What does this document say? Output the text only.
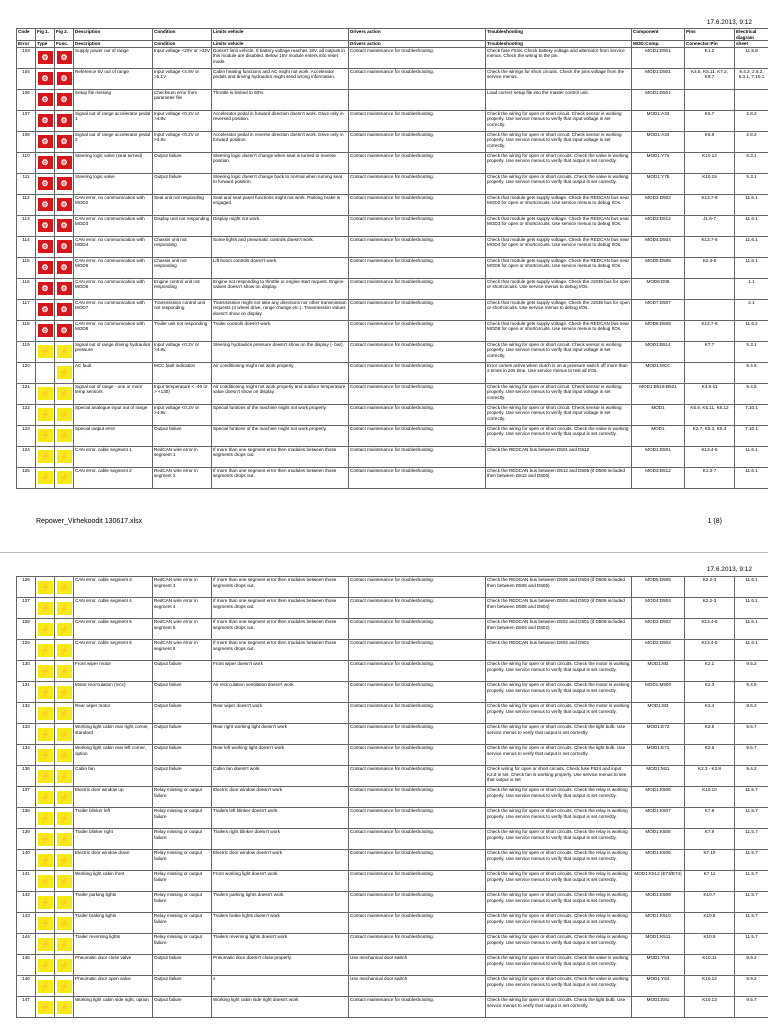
17.6.2013, 9:12
Code	Fig 1.	Fig 2.	Description	Condition	Limits vehicle	Drivers action	Troubleshooting	Component	Pins	Electrical diagram
Error	Type	Func.	Description	Condition	Limits vehicle	Drivers action	Troubleshooting	MOD:Comp.	Connector:Pin	sheet
103	⚙	⚙	Supply power out of range	Input voltage <20V or >32V	Doesn't limit vehicle. If battery voltage reaches 18V, all outputs in this module are disabled. Below 16V module enters into reset mode.	Contact maintenance for troubleshooting.	Check fuse F518. Check battery voltage and alternator from service menus. Check the wiring to the pin.	MOD1:D501	K1.2	11.5.9
104	⚙	⚙	Reference 5V out of range	Input voltage <4.9V or >5.1V	Cabin heating functions and AC might not work. Accelerator pedals and driving hydraulics might send wrong information.	Contact maintenance for troubleshooting.	Check the wirings for short circuits. Check the pins voltage from the service menus.	MOD1:D501	K4.5, K5.11, K7.2, K9.7	9.4.2, 2.8.2, 5.3.1, 7.10.1
106	⚙	⚙	Setup file missing	Checksum error from parameter file	Throttle is limited to 50%.		Load correct setup file into the master control unit.	MOD1:D501		
107	⚙	⚙	Signal out of range accelerator pedal 1	Input voltage <0.2V or >4.8v.	Accelerator pedal in forward direction doesn't work. Drive only in reversed position.	Contact maintenance for troubleshooting.	Check the wiring for open or short circuit. Check sensor is working properly. Use service menus to verify that input voltage is set correctly.	MOD1:A33	K5.7	2.8.2
108	⚙	⚙	Signal out of range accelerator pedal 2	Input voltage <0.2V or >4.8v.	Accelerator pedal in reverse direction doesn't work. Drive only in forward position.	Contact maintenance for troubleshooting.	Check the wiring for open or short circuit. Check sensor is working properly. Use service menus to verify that input voltage is set correctly.	MOD1:A34	K5.8	2.8.2
110	⚙	⚙	Steering logic valve (seat turned)	Output failure	Steering logic doesn't change when seat is turned to reverse position.	Contact maintenance for troubleshooting.	Check the wiring for open or short circuits. Check the valve is working properly. Use service menus to verify that output is set correctly.	MOD1:Y7a	K10.14	5.3.1
111	⚙	⚙	Steering logic valve	Output failure	Steering logic doesn't change back to normal when turning seat to forward position.	Contact maintenance for troubleshooting.	Check the wiring for open or short circuits. Check the valve is working properly. Use service menus to verify that output is set correctly.	MOD1:Y7b	K10.15	5.3.1
112	⚙	⚙	CAN error, no communication with MOD2	Seat unit not responding	Seat and seat panel functions might not work. Parking brake is engaged.	Contact maintenance for troubleshooting.	Check that module gets supply voltage. Check the REDCAN bus near MOD2 for open or shortcircuits. Use service menus to debug I/Os.	MOD2:D502	K13.7-8	11.6.1
113	⚙	⚙	CAN error, no communication with MOD3	Display unit not responding	Display might not work.	Contact maintenance for troubleshooting.	Check that module gets supply voltage. Check the REDCAN bus near MOD3 for open or shortcircuits. Use service menus to debug I/Os.	MOD3:D512	J1.6-7	11.6.1
114	⚙	⚙	CAN error, no communication with MOD4	Chassis unit not responding	Some lights and pneumatic controls doesn't work.	Contact maintenance for troubleshooting.	Check that module gets supply voltage. Check the REDCAN bus near MOD4 for open or shortcircuits. Use service menus to debug I/Os.	MOD4:D504	K13.7-8	11.6.1
115	⚙	⚙	CAN error, no communication with MOD5	Chassis unit not responding	Lift boom controls doesn't work.	Contact maintenance for troubleshooting.	Check that module gets supply voltage. Check the REDCAN bus near MOD5 for open or shortcircuits. Use service menus to debug I/Os.	MOD5:D505	K2.4-5	11.6.1
116	⚙	⚙	CAN error, no communication with MOD6	Engine control unit not responding	Engine not responding to throttle or engine start request. Engine values doesn't show on display.	Contact maintenance for troubleshooting.	Check that module gets supply voltage. Check the J1939 bus for open or shortcircuits. Use service menus to debug I/Os.	MOD6:D06		1.1
117	⚙	⚙	CAN error, no communication with MOD7	Transmission control unit not responding	Transmission might not take any directions nor other transmission requests (4 wheel drive, range change etc.). Transmission values doesn't show on display.	Contact maintenance for troubleshooting.	Check that module gets supply voltage. Check the J1939 bus for open or shortcircuits. Use service menus to debug I/Os.	MOD7:D507		2.1
118	⚙	⚙	CAN error, no communication with MOD8	Trailer unit not responding	Trailer controls doesn't work.	Contact maintenance for troubleshooting.	Check that module gets supply voltage. Check the REDCAN bus near MOD8 for open or shortcircuits. Use service menus to debug I/Os.	MOD8:D508	K13.7-8	11.6.2
119	⚡	⚡	Signal out of range driving hydraulics pressure	Input voltage <0.2V or >4.8v.	Steering hydraulics pressure doesn't show on the display (- bar).	Contact maintenance for troubleshooting.	Check the wiring for open or short circuit. Check sensor is working properly. Use service menus to verify that input voltage is set correctly.	MOD1:B514	K7.7	5.3.1
120		⚡	AC fault	MCC fault indication	Air conditioning might not work properly.	Contact maintenance for troubleshooting.	Error comes active when clutch is on & pressure switch off more than 2 times in 20s time. Use service menus to test all I/Os.	MOD1:MCC		9.4.6
121	⚡	⚡	Signal out of range - one or more temp sensors	Input temperature < -40 or > +130)	Air conditioning might not work properly and outdoor temperature value doesn't show on display.	Contact maintenance for troubleshooting.	Check the wiring for open or short circuit. Check sensor is working properly. Use service menus to verify that input voltage is set correctly.	MOD1:B518-B521	K4.8-11	9.4.5
122	⚡	⚡	Special analogue input out of range	Input voltage <0.2V or >4.8v.	Special funtions of the machine might not work properly.	Contact maintenance for troubleshooting.	Check the wiring for open or short circuit. Check sensor is working properly. Use service menus to verify that input voltage is set correctly.	MOD1	K5.9, K5.11, K6.12	7.10.1
123	⚡	⚡	Special output error	Output failure	Special funtions of the machine might not work properly.	Contact maintenance for troubleshooting.	Check the wiring for open or short circuits. Check the valve is working properly. Use service menus to verify that output is set correctly.	MOD1	K2.7, K5.3, K5.3	7.10.1
124	⚡	⚡	CAN error, cable segment 1	RedCAN wire error in segment 1	If more than one segment error then modules between those segments drops out.	Contact maintenance for troubleshooting.	Check the REDCAN bus between D501 and D512	MOD1:D501	K13.4-5	11.6.1
125	⚡	⚡	CAN error, cable segment 2	RedCAN wire error in segment 2	If more than one segment error then modules between those segments drops out.	Contact maintenance for troubleshooting.	Check the REDCAN bus between D512 and D505 (if D506 included then between D512 and D506)	MOD3:D512	K1.3-7	11.6.1
Repower_Virhekoodit 130617.xlsx	1 (8)
17.6.2013, 9:12
126	⚡	⚡	CAN error, cable segment 3	RedCAN wire error in segment 3	If more than one segment error then modules between those segments drops out.	Contact maintenance for troubleshooting.	Check the REDCAN bus between D505 and D504 (if D506 included then between D505 and D505)	MOD5:D505	K2.2-3	11.6.1
127	⚡	⚡	CAN error, cable segment 4	RedCAN wire error in segment 4	If more than one segment error then modules between those segments drops out.	Contact maintenance for troubleshooting.	Check the REDCAN bus between D504 and D502 (if D506 included then between D505 and D504)	MOD4:D504	K2.2-3	11.6.1
128	⚡	⚡	CAN error, cable segment 5	RedCAN wire error in segment 5	If more than one segment error then modules between those segments drops out.	Contact maintenance for troubleshooting.	Check the REDCAN bus between D502 and D501 (if D506 included then between D504 and D502)	MOD2:D502	K13.4-5	11.6.1
129	⚡	⚡	CAN error, cable segment 6	RedCAN wire error in segment 6	If more than one segment error then modules between those segments drops out.	Contact maintenance for troubleshooting.	Check the REDCAN bus between D502 and D501	MOD2:D502	K13.4-5	11.6.1
130	⚡	⚡	Front wiper motor	Output failure	Front wiper doesn't work	Contact maintenance for troubleshooting.	Check the wiring for open or short circuits. Check the motor is working properly. Use service menus to verify that output is set correctly.	MOD1:M2	K2.1	9.5.2
131	⚡	⚡	Motor recirculation (mcc)	Output failure	Air recirculation ventilation doesn't work	Contact maintenance for troubleshooting.	Check the wiring for open or short circuits. Check the motor is working properly. Use service menus to verify that output is set correctly.	MOD1:M500	K2.3	9.4.5
132	⚡	⚡	Rear wiper motor	Output failure	Rear wiper doesn't work	Contact maintenance for troubleshooting.	Check the wiring for open or short circuits. Check the motor is working properly. Use service menus to verify that output is set correctly.	MOD1:M3	K2.4	9.5.2
133	⚡	⚡	Working light cabin rear right corner, standard	Output failure	Rear right working light doesn't work	Contact maintenance for troubleshooting.	Check the wiring for open or short circuits. Check the light bulb. Use service menus to verify that output is set correctly.	MOD1:E72	K2.5	9.5.7
134	⚡	⚡	Working light cabin rear left corner, option	Output failure	Rear left working light doesn't work	Contact maintenance for troubleshooting.	Check the wiring for open or short circuits. Check the light bulb. Use service menus to verify that output is set correctly.	MOD1:E71	K2.6	9.5.7
136	⚡	⚡	Cabin fan	Output failure	Cabin fan doesn't work	Contact maintenance for troubleshooting.	Check wiring for open or short circuits. Check fuse F524 and input K2.8 is set. Check fan is working properly. Use service menus to see that output is set	MOD1:M11	K2.3 - K2.8	9.4.2
137	⚡	⚡	Electric door window up	Relay missing or output failure	Electric door window doesn't work	Contact maintenance for troubleshooting.	Check the wiring for open or short circuits. Check the relay is working properly. Use service menus to verify that output is set correctly.	MOD1:K506	K10.10	11.5.7
138	⚡	⚡	Trailer blinker left	Relay missing or output failure	Trailers left blinker doesn't work	Contact maintenance for troubleshooting.	Check the wiring for open or short circuits. Check the relay is working properly. Use service menus to verify that output is set correctly.	MOD1:K507	K7.8	11.5.7
139	⚡	⚡	Trailer blinker right	Relay missing or output failure	Trailers right blinker doesn't work	Contact maintenance for troubleshooting.	Check the wiring for open or short circuits. Check the relay is working properly. Use service menus to verify that output is set correctly.	MOD1:K508	K7.9	11.5.7
140	⚡	⚡	Electric door window down	Relay missing or output failure	Electric door window doesn't work	Contact maintenance for troubleshooting.	Check the wiring for open or short circuits. Check the relay is working properly. Use service menus to verify that output is set correctly.	MOD1:K505	K7.10	11.5.7
141	⚡	⚡	Working light cabin front	Relay missing or output failure	Front working light doesn't work	Contact maintenance for troubleshooting.	Check the wiring for open or short circuits. Check the relay is working properly. Use service menus to verify that output is set correctly.	MOD1:K512 (E73/E74)	K7.11	11.5.7
142	⚡	⚡	Trailer parking lights	Relay missing or output failure	Trailers parking lights doesn't work	Contact maintenance for troubleshooting.	Check the wiring for open or short circuits. Check the relay is working properly. Use service menus to verify that output is set correctly.	MOD1:K509	K10.7	11.5.7
143	⚡	⚡	Trailer braking lights	Relay missing or output failure	Trailers brake lights doesn't work	Contact maintenance for troubleshooting.	Check the wiring for open or short circuits. Check the relay is working properly. Use service menus to verify that output is set correctly.	MOD1:K510	K10.8	11.5.7
144	⚡	⚡	Trailer reversing lights	Relay missing or output failure	Trailers reversing lights doesn't work	Contact maintenance for troubleshooting.	Check the wiring for open or short circuits. Check the relay is working properly. Use service menus to verify that output is set correctly.	MOD1:K511	K10.9	11.5.7
145	⚡	⚡	Pneumatic door close valve	Output failure	Pneumatic door doesn't close properly.	Use mechanical door switch	Check the wiring for open or short circuits. Check the valve is working properly. Use service menus to verify that output is set correctly.	MOD1:Y53	K10.11	9.9.2
146	⚡	⚡	Pneumatic door open valve	Output failure	s	Use mechanical door switch	Check the wiring for open or short circuits. Check the valve is working properly. Use service menus to verify that output is set correctly.	MOD1:Y54	K10.12	9.9.2
147	⚡	⚡	Working light cabin side right, option	Output failure	Working light cabin side right doesn't work	Contact maintenance for troubleshooting.	Check the wiring for open or short circuits. Check the light bulb. Use service menus to verify that output is set correctly.	MOD1:E81	K10.13	9.5.7
